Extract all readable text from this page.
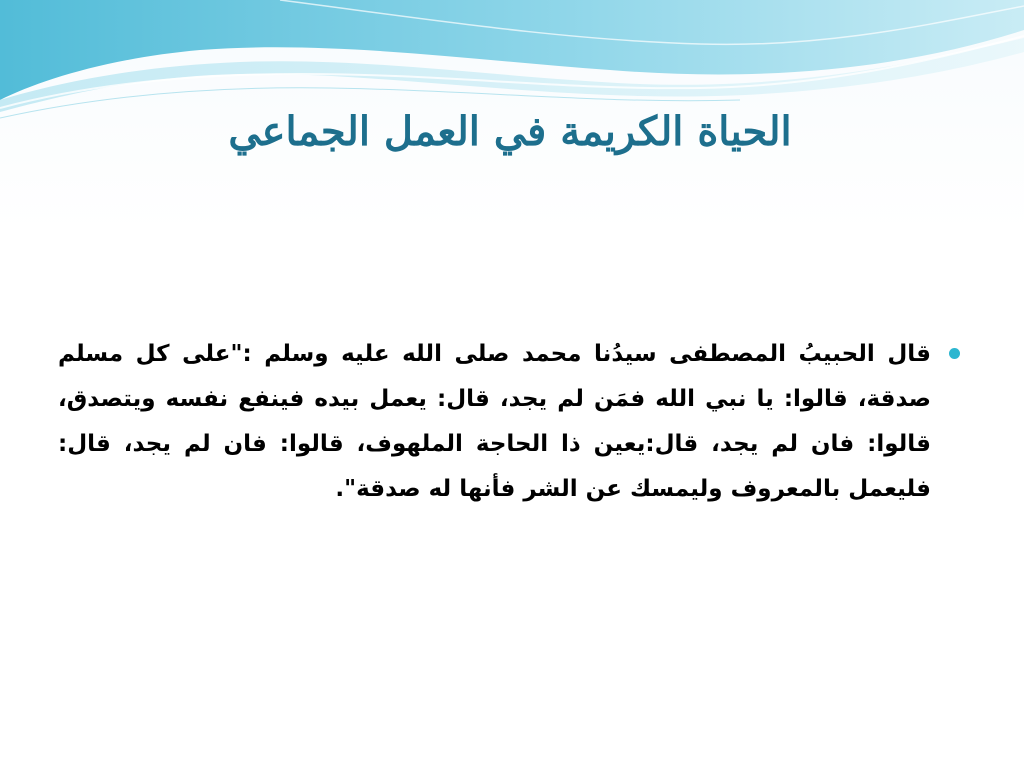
الحياة الكريمة في العمل الجماعي

قال الحبيبُ المصطفى سيدُنا محمد صلى الله عليه وسلم :"على كل مسلم صدقة، قالوا: يا نبي الله فمَن لم يجد، قال: يعمل بيده فينفع نفسه ويتصدق، قالوا: فان لم يجد، قال:يعين ذا الحاجة الملهوف، قالوا: فان لم يجد، قال: فليعمل بالمعروف وليمسك عن الشر فأنها له صدقة".
